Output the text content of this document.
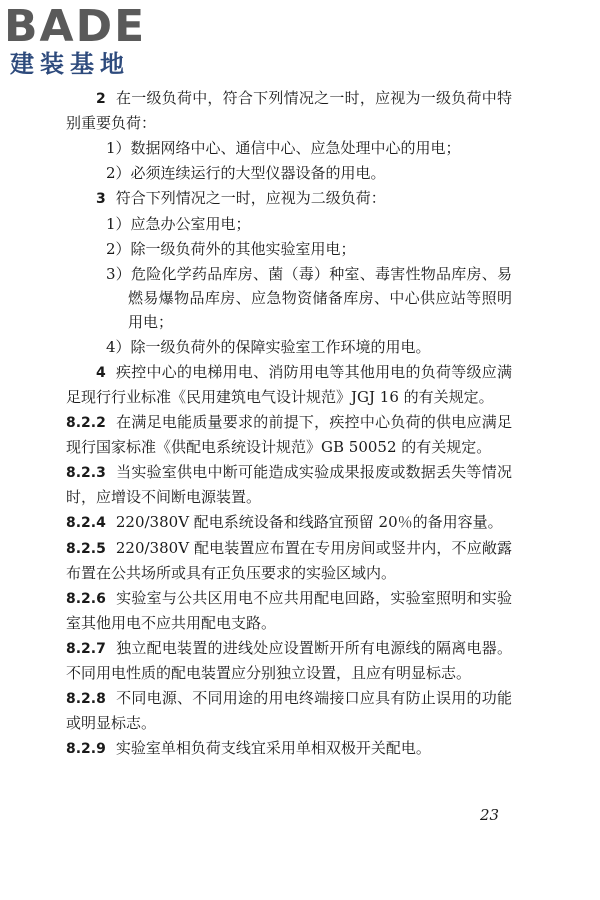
BADE
建装基地

2 在一级负荷中，符合下列情况之一时，应视为一级负荷中特别重要负荷：

1）数据网络中心、通信中心、应急处理中心的用电；

2）必须连续运行的大型仪器设备的用电。

3 符合下列情况之一时，应视为二级负荷：

1）应急办公室用电；

2）除一级负荷外的其他实验室用电；

3）危险化学药品库房、菌（毒）种室、毒害性物品库房、易燃易爆物品库房、应急物资储备库房、中心供应站等照明用电；

4）除一级负荷外的保障实验室工作环境的用电。

4 疾控中心的电梯用电、消防用电等其他用电的负荷等级应满足现行行业标准《民用建筑电气设计规范》JGJ 16 的有关规定。

8.2.2 在满足电能质量要求的前提下，疾控中心负荷的供电应满足现行国家标准《供配电系统设计规范》GB 50052 的有关规定。

8.2.3 当实验室供电中断可能造成实验成果报废或数据丢失等情况时，应增设不间断电源装置。

8.2.4 220/380V 配电系统设备和线路宜预留 20％的备用容量。

8.2.5 220/380V 配电装置应布置在专用房间或竖井内，不应敞露布置在公共场所或具有正负压要求的实验区域内。

8.2.6 实验室与公共区用电不应共用配电回路，实验室照明和实验室其他用电不应共用配电支路。

8.2.7 独立配电装置的进线处应设置断开所有电源线的隔离电器。不同用电性质的配电装置应分别独立设置，且应有明显标志。

8.2.8 不同电源、不同用途的用电终端接口应具有防止误用的功能或明显标志。

8.2.9 实验室单相负荷支线宜采用单相双极开关配电。

23
